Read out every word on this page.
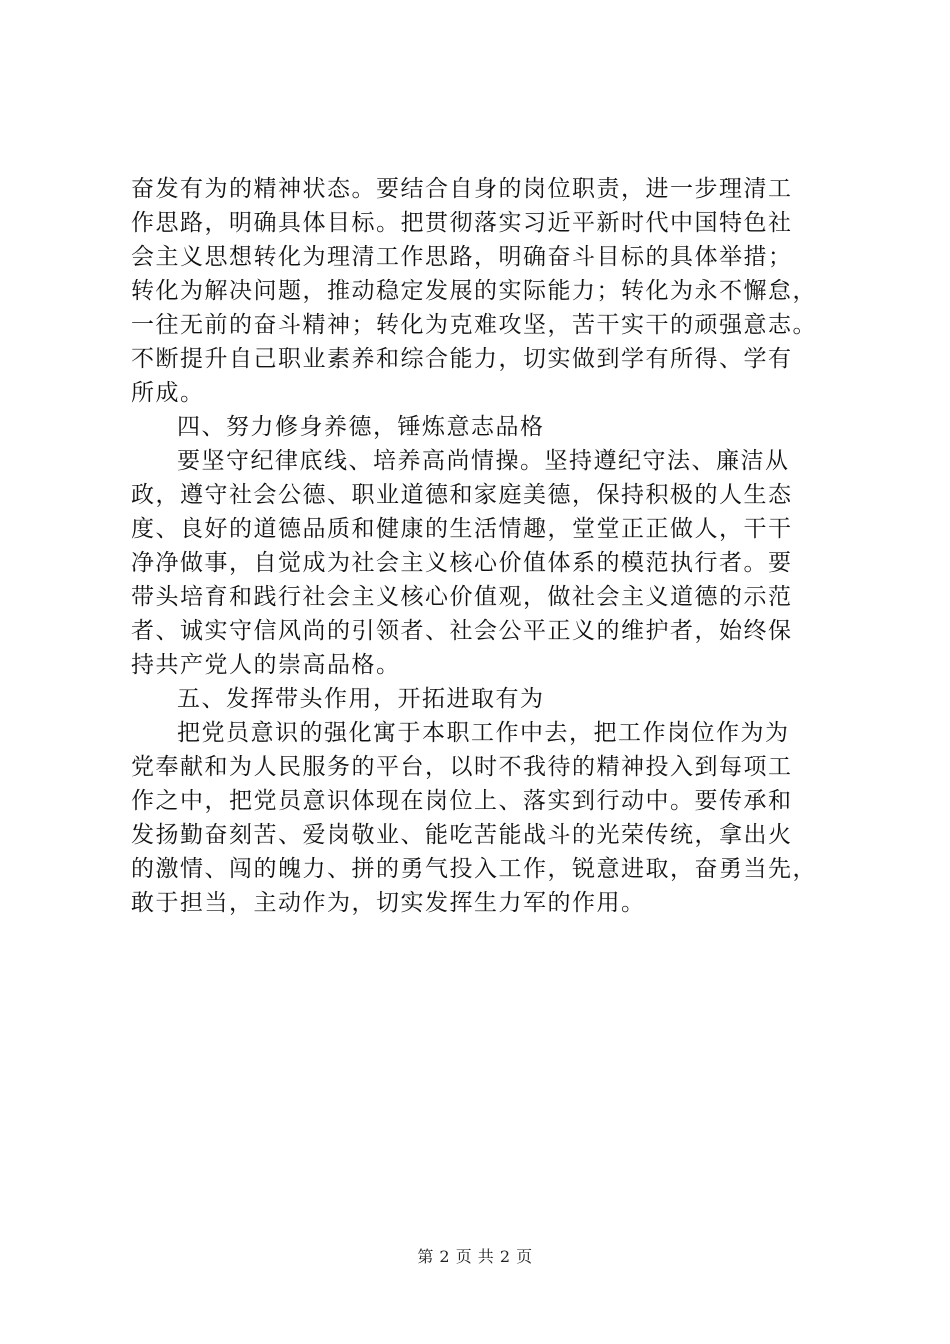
奋发有为的精神状态。要结合自身的岗位职责，进一步理清工
作思路，明确具体目标。把贯彻落实习近平新时代中国特色社
会主义思想转化为理清工作思路，明确奋斗目标的具体举措；
转化为解决问题，推动稳定发展的实际能力；转化为永不懈怠，
一往无前的奋斗精神；转化为克难攻坚，苦干实干的顽强意志。
不断提升自己职业素养和综合能力，切实做到学有所得、学有
所成。
四、努力修身养德，锤炼意志品格
要坚守纪律底线、培养高尚情操。坚持遵纪守法、廉洁从
政，遵守社会公德、职业道德和家庭美德，保持积极的人生态
度、良好的道德品质和健康的生活情趣，堂堂正正做人，干干
净净做事，自觉成为社会主义核心价值体系的模范执行者。要
带头培育和践行社会主义核心价值观，做社会主义道德的示范
者、诚实守信风尚的引领者、社会公平正义的维护者，始终保
持共产党人的崇高品格。
五、发挥带头作用，开拓进取有为
把党员意识的强化寓于本职工作中去，把工作岗位作为为
党奉献和为人民服务的平台，以时不我待的精神投入到每项工
作之中，把党员意识体现在岗位上、落实到行动中。要传承和
发扬勤奋刻苦、爱岗敬业、能吃苦能战斗的光荣传统，拿出火
的激情、闯的魄力、拼的勇气投入工作，锐意进取，奋勇当先，
敢于担当，主动作为，切实发挥生力军的作用。
第 2 页 共 2 页
